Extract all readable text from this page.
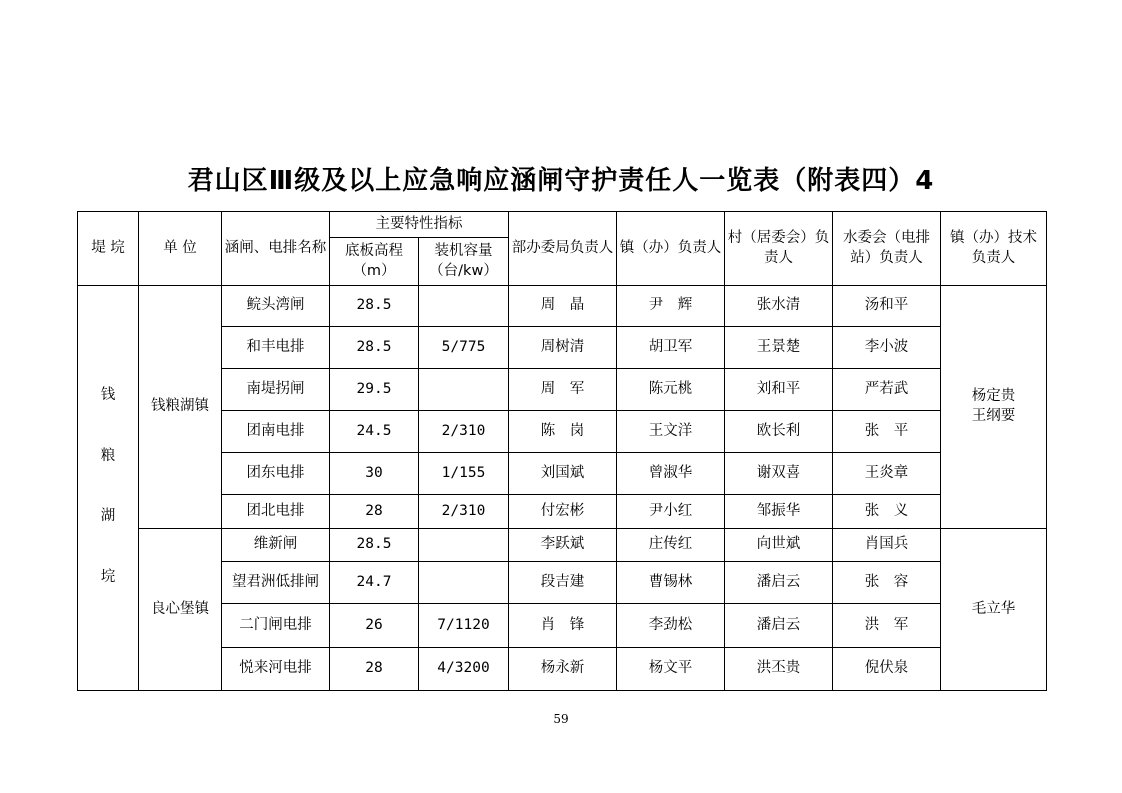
君山区Ⅲ级及以上应急响应涵闸守护责任人一览表（附表四）4
堤 垸	单 位	涵闸、电排名称	主要特性指标		部办委局负责人	镇（办）负责人	村（居委会）负责人	水委会（电排站）负责人	镇（办）技术负责人
			底板高程（m）	装机容量（台/kw）					

钱
粮
湖
垸	钱粮湖镇	鲩头湾闸	28.5		周　晶	尹　辉	张水清	汤和平	杨定贵
王纲要
		和丰电排	28.5	5/775	周树清	胡卫军	王景楚	李小波	
		南堤拐闸	29.5		周　军	陈元桃	刘和平	严若武	
		团南电排	24.5	2/310	陈　岗	王文洋	欧长利	张　平	
		团东电排	30	1/155	刘国斌	曾淑华	谢双喜	王炎章	
		团北电排	28	2/310	付宏彬	尹小红	邹振华	张　义	
	良心堡镇	维新闸	28.5		李跃斌	庄传红	向世斌	肖国兵	毛立华
		望君洲低排闸	24.7		段吉建	曹锡林	潘启云	张　容	
		二门闸电排	26	7/1120	肖　锋	李劲松	潘启云	洪　军	
		悦来河电排	28	4/3200	杨永新	杨文平	洪丕贵	倪伏泉	
59
